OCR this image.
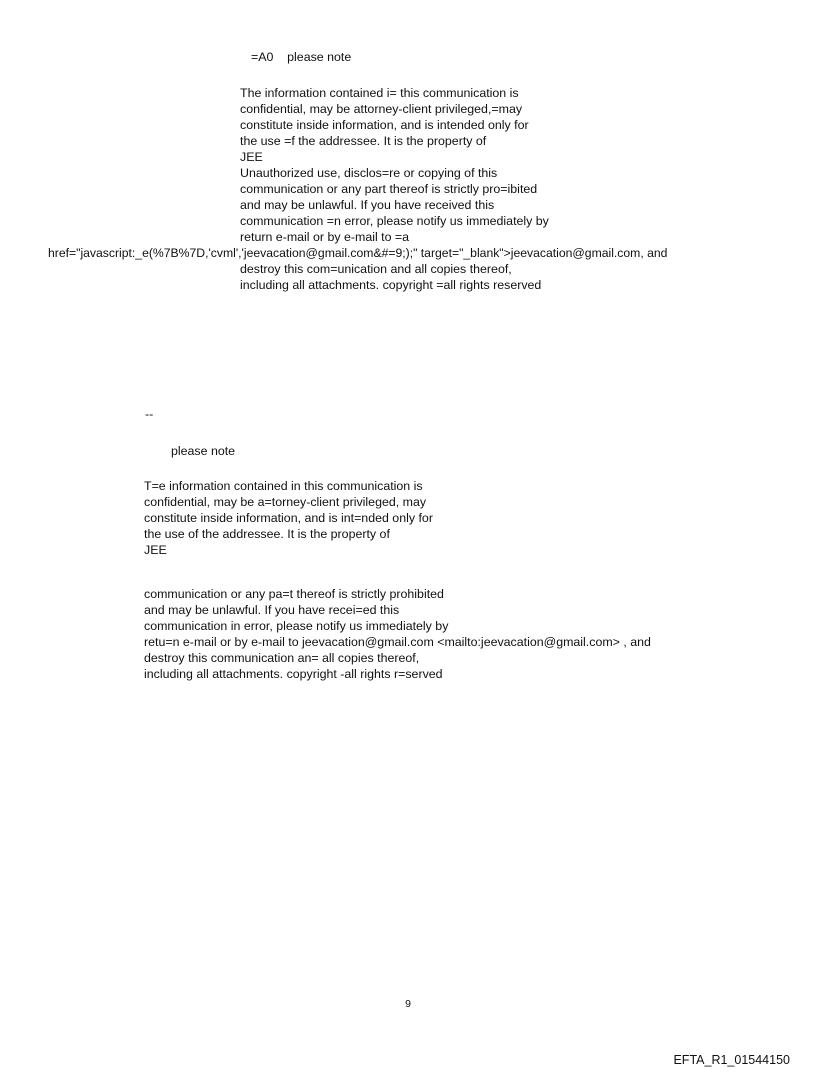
=A0    please note
The information contained i= this communication is
confidential, may be attorney-client privileged,=may
constitute inside information, and is intended only for
the use =f the addressee. It is the property of
JEE
Unauthorized use, disclos=re or copying of this
communication or any part thereof is strictly pro=ibited
and may be unlawful. If you have received this
communication =n error, please notify us immediately by
return e-mail or by e-mail to =a
href="javascript:_e(%7B%7D,'cvml','jeevacation@gmail.com&#=9;);" target="_blank">jeevacation@gmail.com, and
destroy this com=unication and all copies thereof,
including all attachments. copyright =all rights reserved
--
please note
T=e information contained in this communication is
confidential, may be a=torney-client privileged, may
constitute inside information, and is int=nded only for
the use of the addressee. It is the property of
JEE
communication or any pa=t thereof is strictly prohibited
and may be unlawful. If you have recei=ed this
communication in error, please notify us immediately by
retu=n e-mail or by e-mail to jeevacation@gmail.com <mailto:jeevacation@gmail.com> , and
destroy this communication an= all copies thereof,
including all attachments. copyright -all rights r=served
9
EFTA_R1_01544150
